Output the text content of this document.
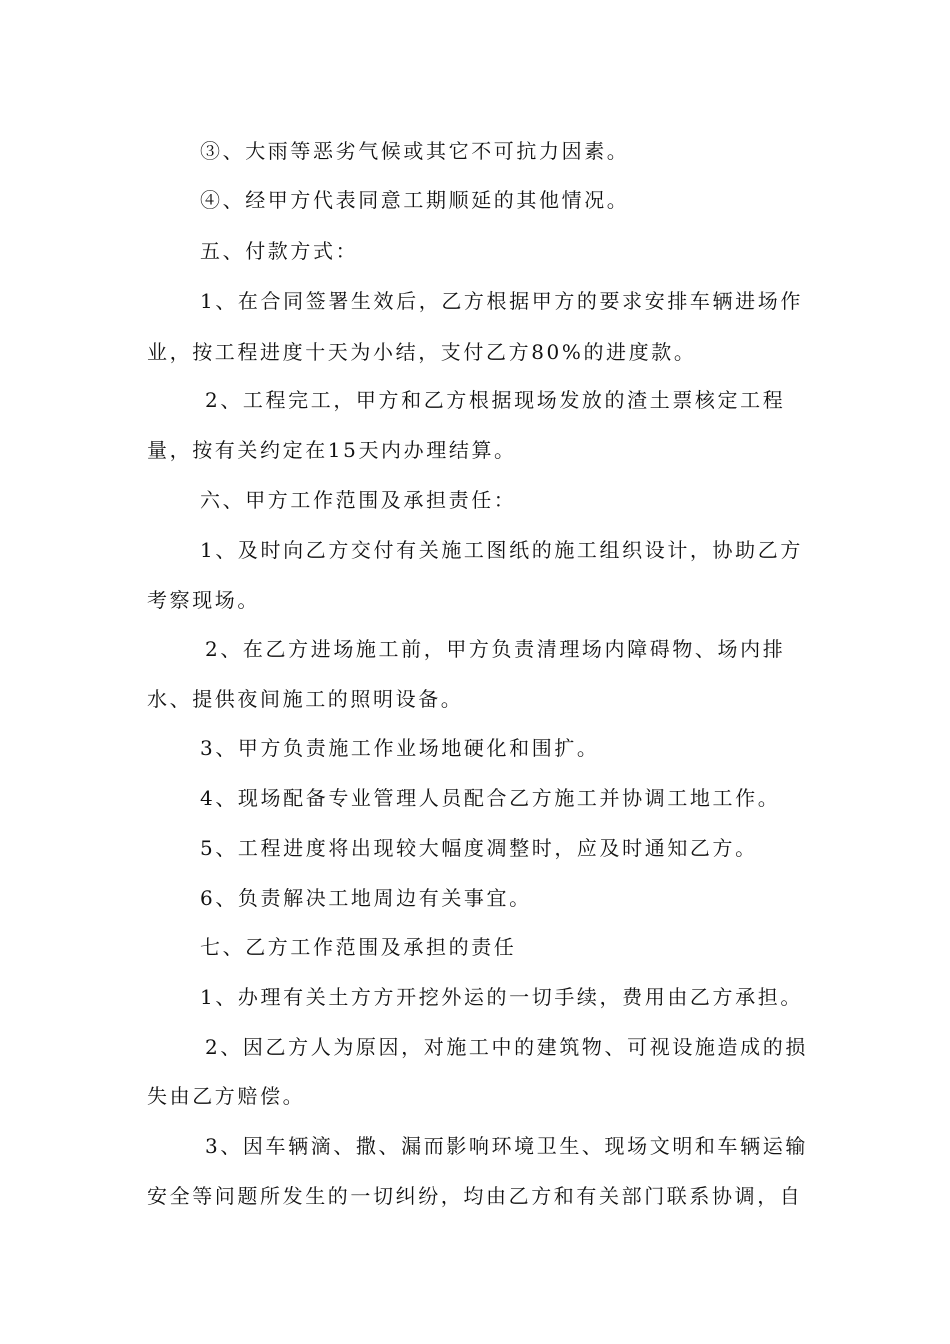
③、大雨等恶劣气候或其它不可抗力因素。
④、经甲方代表同意工期顺延的其他情况。
五、付款方式：
1、在合同签署生效后，乙方根据甲方的要求安排车辆进场作
业，按工程进度十天为小结，支付乙方80%的进度款。
2、工程完工，甲方和乙方根据现场发放的渣土票核定工程
量，按有关约定在15天内办理结算。
六、甲方工作范围及承担责任：
1、及时向乙方交付有关施工图纸的施工组织设计，协助乙方
考察现场。
2、在乙方进场施工前，甲方负责清理场内障碍物、场内排
水、提供夜间施工的照明设备。
3、甲方负责施工作业场地硬化和围扩。
4、现场配备专业管理人员配合乙方施工并协调工地工作。
5、工程进度将出现较大幅度凋整时，应及时通知乙方。
6、负责解决工地周边有关事宜。
七、乙方工作范围及承担的责任
1、办理有关土方方开挖外运的一切手续，费用由乙方承担。
2、因乙方人为原因，对施工中的建筑物、可视设施造成的损
失由乙方赔偿。
3、因车辆滴、撒、漏而影响环境卫生、现场文明和车辆运输
安全等问题所发生的一切纠纷，均由乙方和有关部门联系协调，自
